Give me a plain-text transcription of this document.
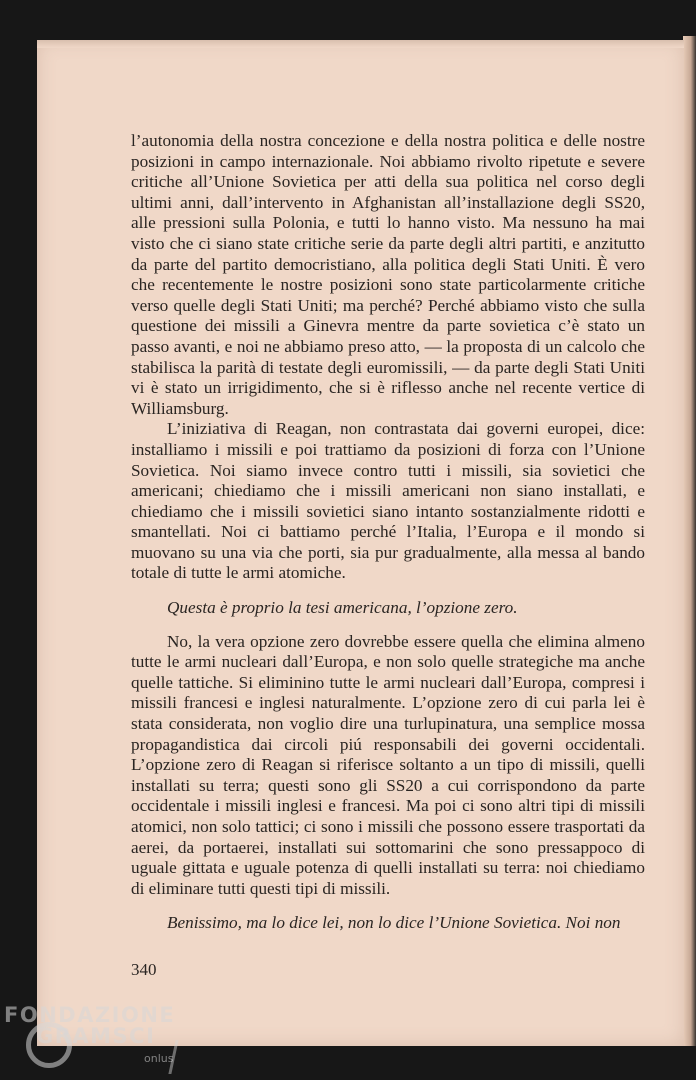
l’autonomia della nostra concezione e della nostra politica e delle nostre posizioni in campo internazionale. Noi abbiamo rivolto ripetute e severe critiche all’Unione Sovietica per atti della sua politica nel corso degli ultimi anni, dall’intervento in Afghanistan all’installazione degli SS20, alle pressioni sulla Polonia, e tutti lo hanno visto. Ma nessuno ha mai visto che ci siano state critiche serie da parte degli altri partiti, e anzitutto da parte del partito democristiano, alla politica degli Stati Uniti. È vero che recentemente le nostre posizioni sono state particolarmente critiche verso quelle degli Stati Uniti; ma perché? Perché abbiamo visto che sulla questione dei missili a Ginevra mentre da parte sovietica c’è stato un passo avanti, e noi ne abbiamo preso atto, — la proposta di un calcolo che stabilisca la parità di testate degli euromissili, — da parte degli Stati Uniti vi è stato un irrigidimento, che si è riflesso anche nel recente vertice di Williamsburg.

L’iniziativa di Reagan, non contrastata dai governi europei, dice: installiamo i missili e poi trattiamo da posizioni di forza con l’Unione Sovietica. Noi siamo invece contro tutti i missili, sia sovietici che americani; chiediamo che i missili americani non siano installati, e chiediamo che i missili sovietici siano intanto sostanzialmente ridotti e smantellati. Noi ci battiamo perché l’Italia, l’Europa e il mondo si muovano su una via che porti, sia pur gradualmente, alla messa al bando totale di tutte le armi atomiche.

Questa è proprio la tesi americana, l’opzione zero.

No, la vera opzione zero dovrebbe essere quella che elimina almeno tutte le armi nucleari dall’Europa, e non solo quelle strategiche ma anche quelle tattiche. Si eliminino tutte le armi nucleari dall’Europa, compresi i missili francesi e inglesi naturalmente. L’opzione zero di cui parla lei è stata considerata, non voglio dire una turlupinatura, una semplice mossa propagandistica dai circoli piú responsabili dei governi occidentali. L’opzione zero di Reagan si riferisce soltanto a un tipo di missili, quelli installati su terra; questi sono gli SS20 a cui corrispondono da parte occidentale i missili inglesi e francesi. Ma poi ci sono altri tipi di missili atomici, non solo tattici; ci sono i missili che possono essere trasportati da aerei, da portaerei, installati sui sottomarini che sono pressappoco di uguale gittata e uguale potenza di quelli installati su terra: noi chiediamo di eliminare tutti questi tipi di missili.

Benissimo, ma lo dice lei, non lo dice l’Unione Sovietica. Noi non

340
FONDAZIONE
GRAMSCI
onlus
